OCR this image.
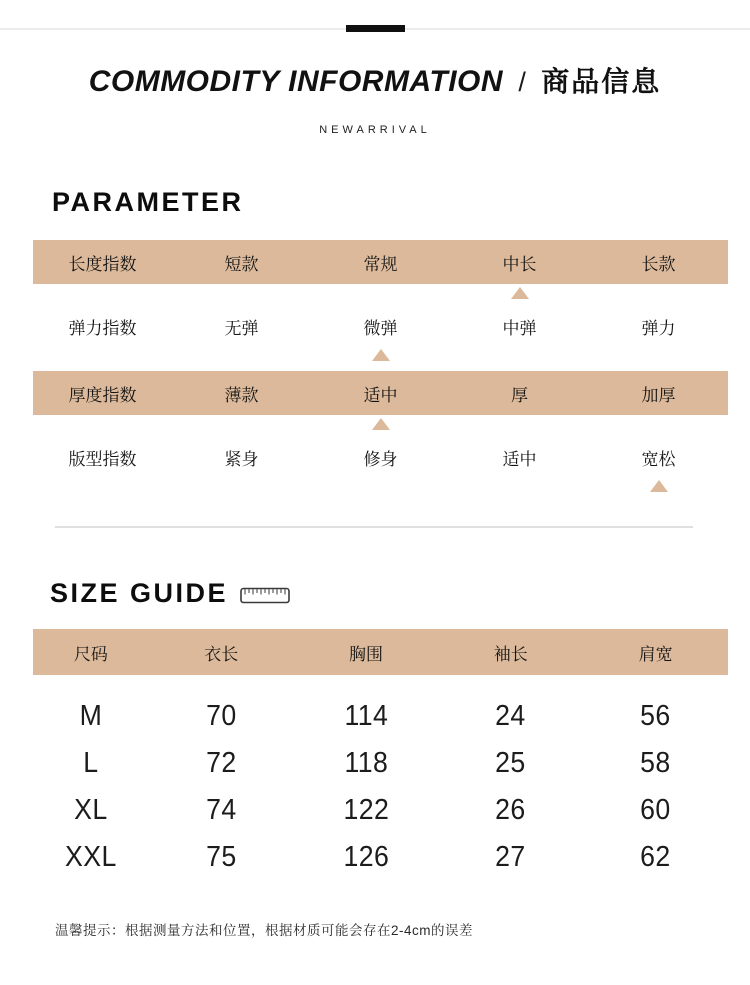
COMMODITY INFORMATION / 商品信息
NEWARRIVAL
PARAMETER
长度指数	短款	常规	中长	长款
弹力指数	无弹	微弹	中弹	弹力
厚度指数	薄款	适中	厚	加厚
版型指数	紧身	修身	适中	宽松
SIZE GUIDE
尺码	衣长	胸围	袖长	肩宽
M	70	114	24	56
L	72	118	25	58
XL	74	122	26	60
XXL	75	126	27	62
温馨提示：根据测量方法和位置，根据材质可能会存在2-4cm的误差
